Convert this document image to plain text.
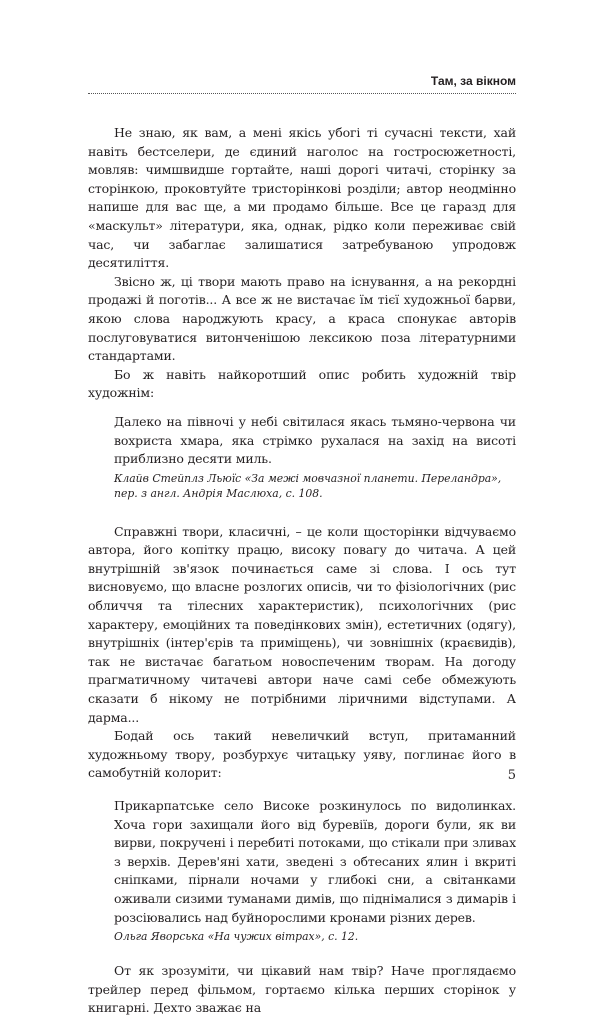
Там, за вікном

Не знаю, як вам, а мені якісь убогі ті сучасні тексти, хай навіть бестселери, де єдиний наголос на гостросюжетності, мовляв: чимшвидше гортайте, наші дорогі читачі, сторінку за сторінкою, проковтуйте тристорінкові розділи; автор неодмінно напише для вас ще, а ми продамо більше. Все це гаразд для «маскульт» літератури, яка, однак, рідко коли переживає свій час, чи забаглає залишатися затребуваною упродовж десятиліття.

Звісно ж, ці твори мають право на існування, а на рекордні продажі й поготів... А все ж не вистачає їм тієї художньої барви, якою слова народжують красу, а краса спонукає авторів послуговуватися витонченішою лексикою поза літературними стандартами.

Бо ж навіть найкоротший опис робить художній твір художнім:

Далеко на півночі у небі світилася якась тьмяно-червона чи вохриста хмара, яка стрімко рухалася на захід на висоті приблизно десяти миль.

Клайв Стейплз Льюїс «За межі мовчазної планети. Переландра», пер. з англ. Андрія Маслюха, с. 108.

Справжні твори, класичні, – це коли щосторінки відчуваємо автора, його копітку працю, високу повагу до читача. А цей внутрішній зв'язок починається саме зі слова. І ось тут висновуємо, що власне розлогих описів, чи то фізіологічних (рис обличчя та тілесних характеристик), психологічних (рис характеру, емоційних та поведінкових змін), естетичних (одягу), внутрішніх (інтер'єрів та приміщень), чи зовнішніх (краєвидів), так не вистачає багатьом новоспеченим творам. На догоду прагматичному читачеві автори наче самі себе обмежують сказати б нікому не потрібними ліричними відступами. А дарма...

Бодай ось такий невеличкий вступ, притаманний художньому твору, розбурхує читацьку уяву, поглинає його в самобутній колорит:

Прикарпатське село Високе розкинулось по видолинках. Хоча гори захищали його від буревіїв, дороги були, як ви вирви, покручені і перебиті потоками, що стікали при зливах з верхів. Дерев'яні хати, зведені з обтесаних ялин і вкриті сніпками, пірнали ночами у глибокі сни, а світанками оживали сизими туманами димів, що піднімалися з димарів і розсіювались над буйнорослими кронами різних дерев.

Ольга Яворська «На чужих вітрах», с. 12.

От як зрозуміти, чи цікавий нам твір? Наче проглядаємо трейлер перед фільмом, гортаємо кілька перших сторінок у книгарні. Дехто зважає на

5
